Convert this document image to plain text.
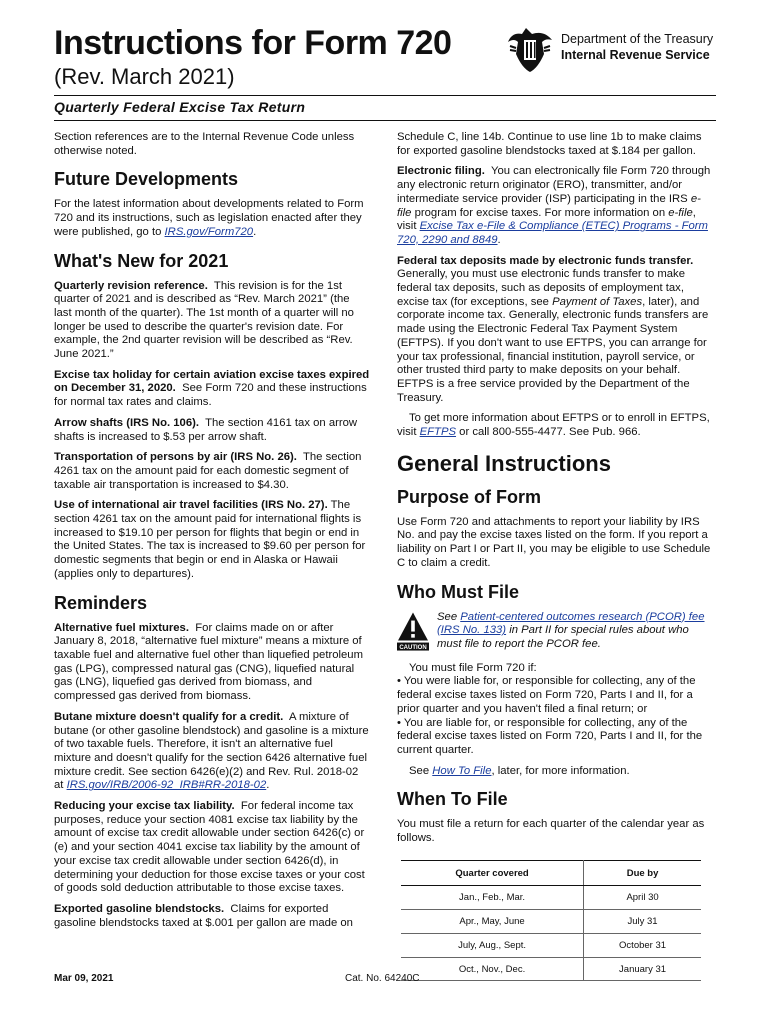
Instructions for Form 720
(Rev. March 2021)
Quarterly Federal Excise Tax Return
Department of the Treasury
Internal Revenue Service

Section references are to the Internal Revenue Code unless otherwise noted.

Future Developments

For the latest information about developments related to Form 720 and its instructions, such as legislation enacted after they were published, go to IRS.gov/Form720.

What's New for 2021

Quarterly revision reference. This revision is for the 1st quarter of 2021 and is described as “Rev. March 2021” (the last month of the quarter). The 1st month of a quarter will no longer be used to describe the quarter's revision date. For example, the 2nd quarter revision will be described as “Rev. June 2021.”

Excise tax holiday for certain aviation excise taxes expired on December 31, 2020. See Form 720 and these instructions for normal tax rates and claims.

Arrow shafts (IRS No. 106). The section 4161 tax on arrow shafts is increased to $.53 per arrow shaft.

Transportation of persons by air (IRS No. 26). The section 4261 tax on the amount paid for each domestic segment of taxable air transportation is increased to $4.30.

Use of international air travel facilities (IRS No. 27). The section 4261 tax on the amount paid for international flights is increased to $19.10 per person for flights that begin or end in the United States. The tax is increased to $9.60 per person for domestic segments that begin or end in Alaska or Hawaii (applies only to departures).

Reminders

Alternative fuel mixtures. For claims made on or after January 8, 2018, “alternative fuel mixture” means a mixture of taxable fuel and alternative fuel other than liquefied petroleum gas (LPG), compressed natural gas (CNG), liquefied natural gas (LNG), liquefied gas derived from biomass, and compressed gas derived from biomass.

Butane mixture doesn't qualify for a credit. A mixture of butane (or other gasoline blendstock) and gasoline is a mixture of two taxable fuels. Therefore, it isn't an alternative fuel mixture and doesn't qualify for the section 6426 alternative fuel mixture credit. See section 6426(e)(2) and Rev. Rul. 2018-02 at IRS.gov/IRB/2006-92_IRB#RR-2018-02.

Reducing your excise tax liability. For federal income tax purposes, reduce your section 4081 excise tax liability by the amount of excise tax credit allowable under section 6426(c) or (e) and your section 4041 excise tax liability by the amount of your excise tax credit allowable under section 6426(d), in determining your deduction for those excise taxes or your cost of goods sold deduction attributable to those excise taxes.

Exported gasoline blendstocks. Claims for exported gasoline blendstocks taxed at $.001 per gallon are made on

Schedule C, line 14b. Continue to use line 1b to make claims for exported gasoline blendstocks taxed at $.184 per gallon.

Electronic filing. You can electronically file Form 720 through any electronic return originator (ERO), transmitter, and/or intermediate service provider (ISP) participating in the IRS e-file program for excise taxes. For more information on e-file, visit Excise Tax e-File & Compliance (ETEC) Programs - Form 720, 2290 and 8849.

Federal tax deposits made by electronic funds transfer. Generally, you must use electronic funds transfer to make federal tax deposits, such as deposits of employment tax, excise tax (for exceptions, see Payment of Taxes, later), and corporate income tax. Generally, electronic funds transfers are made using the Electronic Federal Tax Payment System (EFTPS). If you don't want to use EFTPS, you can arrange for your tax professional, financial institution, payroll service, or other trusted third party to make deposits on your behalf. EFTPS is a free service provided by the Department of the Treasury.

To get more information about EFTPS or to enroll in EFTPS, visit EFTPS or call 800-555-4477. See Pub. 966.

General Instructions
Purpose of Form

Use Form 720 and attachments to report your liability by IRS No. and pay the excise taxes listed on the form. If you report a liability on Part I or Part II, you may be eligible to use Schedule C to claim a credit.

Who Must File
CAUTION
See Patient-centered outcomes research (PCOR) fee (IRS No. 133) in Part II for special rules about who must file to report the PCOR fee.

You must file Form 720 if:

• You were liable for, or responsible for collecting, any of the federal excise taxes listed on Form 720, Parts I and II, for a prior quarter and you haven't filed a final return; or

• You are liable for, or responsible for collecting, any of the federal excise taxes listed on Form 720, Parts I and II, for the current quarter.

See How To File, later, for more information.

When To File

You must file a return for each quarter of the calendar year as follows.

Quarter covered	Due by
Jan., Feb., Mar.	April 30
Apr., May, June	July 31
July, Aug., Sept.	October 31
Oct., Nov., Dec.	January 31
Mar 09, 2021	Cat. No. 64240C
